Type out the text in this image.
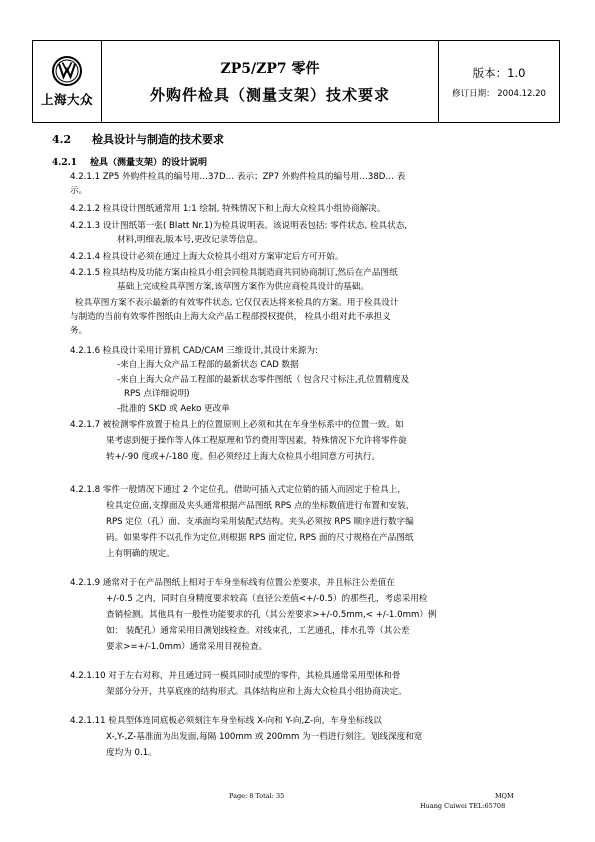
上海大众

ZP5/ZP7 零件
外购件检具（测量支架）技术要求

版本：1.0
修订日期： 2004.12.20
4.2 检具设计与制造的技术要求
4.2.1 检具（测量支架）的设计说明
4.2.1.1 ZP5 外购件检具的编号用…37D… 表示；ZP7 外购件检具的编号用…38D… 表
示。
4.2.1.2 检具设计图纸通常用 1:1 绘制, 特殊情况下和上海大众检具小组协商解决。
4.2.1.3 设计图纸第一张( Blatt Nr.1)为检具说明表。该说明表包括: 零件状态, 检具状态,
材料,明细表,版本号,更改记录等信息。
4.2.1.4 检具设计必须在通过上海大众检具小组对方案审定后方可开始。
4.2.1.5 检具结构及功能方案由检具小组会同检具制造商共同协商制订,然后在产品图纸
基础上完成检具草图方案,该草图方案作为供应商检具设计的基础。
检具草图方案不表示最新的有效零件状态, 它仅仅表达将来检具的方案。用于检具设计
与制造的当前有效零件图纸由上海大众产品工程部授权提供， 检具小组对此不承担义
务。
4.2.1.6 检具设计采用计算机 CAD/CAM 三维设计,其设计来源为:
-来自上海大众产品工程部的最新状态 CAD 数据
-来自上海大众产品工程部的最新状态零件图纸（ 包含尺寸标注,孔位置精度及
RPS 点详细说明)
-批准的 SKD 或 Aeko 更改单
4.2.1.7 被检测零件放置于检具上的位置原则上必须和其在车身坐标系中的位置一致。如
果考虑到便于操作等人体工程原理和节约费用等因素，特殊情况下允许将零件旋
转+/-90 度或+/-180 度。但必须经过上海大众检具小组同意方可执行。
4.2.1.8 零件一般情况下通过 2 个定位孔，借助可插入式定位销的插入而固定于检具上，
检具定位面,支撑面及夹头通常根据产品图纸 RPS 点的坐标数值进行布置和安装，
RPS 定位（孔）面、支承面均采用装配式结构。夹头必须按 RPS 顺序进行数字编
码。如果零件不以孔作为定位,则根据 RPS 面定位, RPS 面的尺寸规格在产品图纸
上有明确的规定。
4.2.1.9 通常对于在产品图纸上相对于车身坐标线有位置公差要求，并且标注公差值在
+/-0.5 之内，同时自身精度要求较高（直径公差值<+/-0.5）的那些孔，考虑采用检
查销检测。其他具有一般性功能要求的孔（其公差要求>+/-0.5mm,< +/-1.0mm）例
如： 装配孔）通常采用目测划线检查。对线束孔，工艺通孔，排水孔等（其公差
要求>=+/-1.0mm）通常采用目视检查。
4.2.1.10 对于左右对称，并且通过同一模具同时成型的零件，其检具通常采用型体和骨
架部分分开，共享底座的结构形式。具体结构应和上海大众检具小组协商决定。
4.2.1.11 检具型体连同底板必须刻注车身坐标线 X-向和 Y-向,Z-向，车身坐标线以
X-,Y-,Z-基准面为出发面,每隔 100mm 或 200mm 为一档进行刻注。划线深度和宽
度均为 0.1。
Page: 8 Total: 35	MQM
Huang Cuiwei TEL:65708
